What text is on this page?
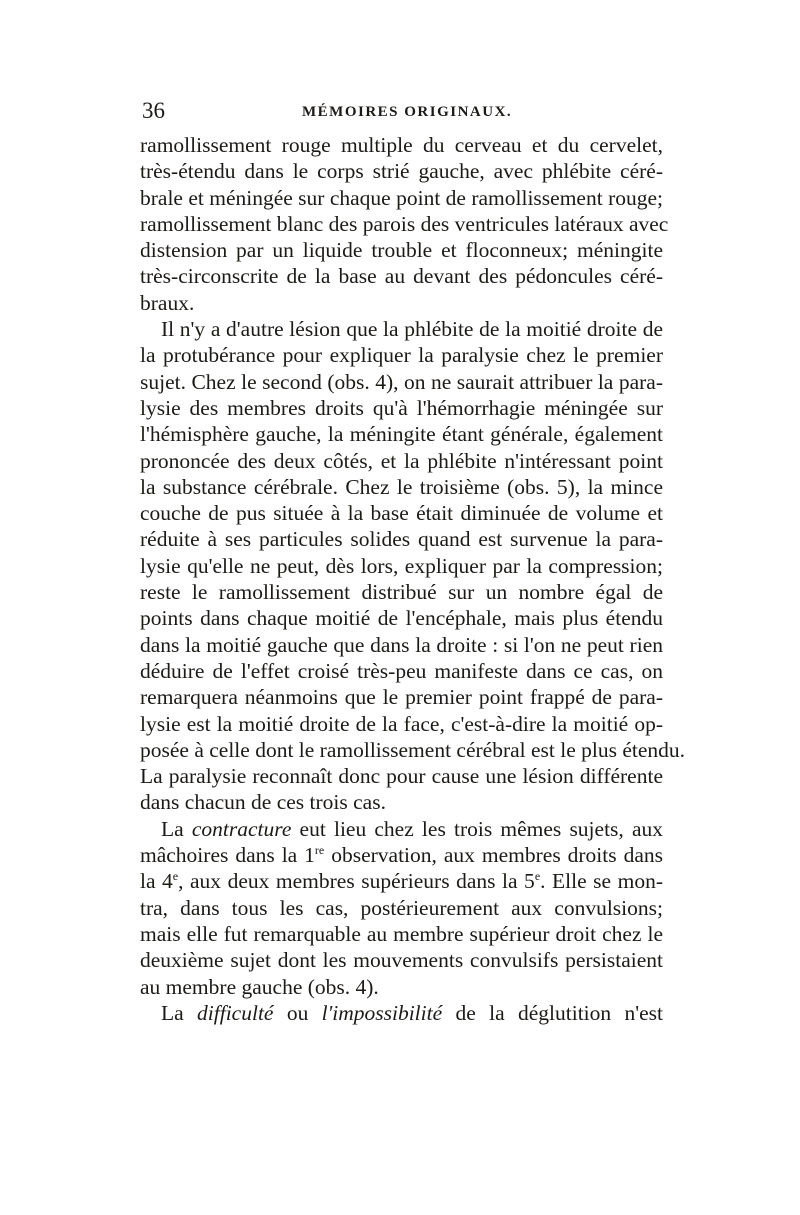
36	MÉMOIRES ORIGINAUX.
ramollissement rouge multiple du cerveau et du cervelet,
très-étendu dans le corps strié gauche, avec phlébite céré-
brale et méningée sur chaque point de ramollissement rouge;
ramollissement blanc des parois des ventricules latéraux avec
distension par un liquide trouble et floconneux; méningite
très-circonscrite de la base au devant des pédoncules céré-
braux.
Il n'y a d'autre lésion que la phlébite de la moitié droite de
la protubérance pour expliquer la paralysie chez le premier
sujet. Chez le second (obs. 4), on ne saurait attribuer la para-
lysie des membres droits qu'à l'hémorrhagie méningée sur
l'hémisphère gauche, la méningite étant générale, également
prononcée des deux côtés, et la phlébite n'intéressant point
la substance cérébrale. Chez le troisième (obs. 5), la mince
couche de pus située à la base était diminuée de volume et
réduite à ses particules solides quand est survenue la para-
lysie qu'elle ne peut, dès lors, expliquer par la compression;
reste le ramollissement distribué sur un nombre égal de
points dans chaque moitié de l'encéphale, mais plus étendu
dans la moitié gauche que dans la droite : si l'on ne peut rien
déduire de l'effet croisé très-peu manifeste dans ce cas, on
remarquera néanmoins que le premier point frappé de para-
lysie est la moitié droite de la face, c'est-à-dire la moitié op-
posée à celle dont le ramollissement cérébral est le plus étendu.
La paralysie reconnaît donc pour cause une lésion différente
dans chacun de ces trois cas.
La contracture eut lieu chez les trois mêmes sujets, aux
mâchoires dans la 1re observation, aux membres droits dans
la 4e, aux deux membres supérieurs dans la 5e. Elle se mon-
tra, dans tous les cas, postérieurement aux convulsions;
mais elle fut remarquable au membre supérieur droit chez le
deuxième sujet dont les mouvements convulsifs persistaient
au membre gauche (obs. 4).
La difficulté ou l'impossibilité de la déglutition n'est
